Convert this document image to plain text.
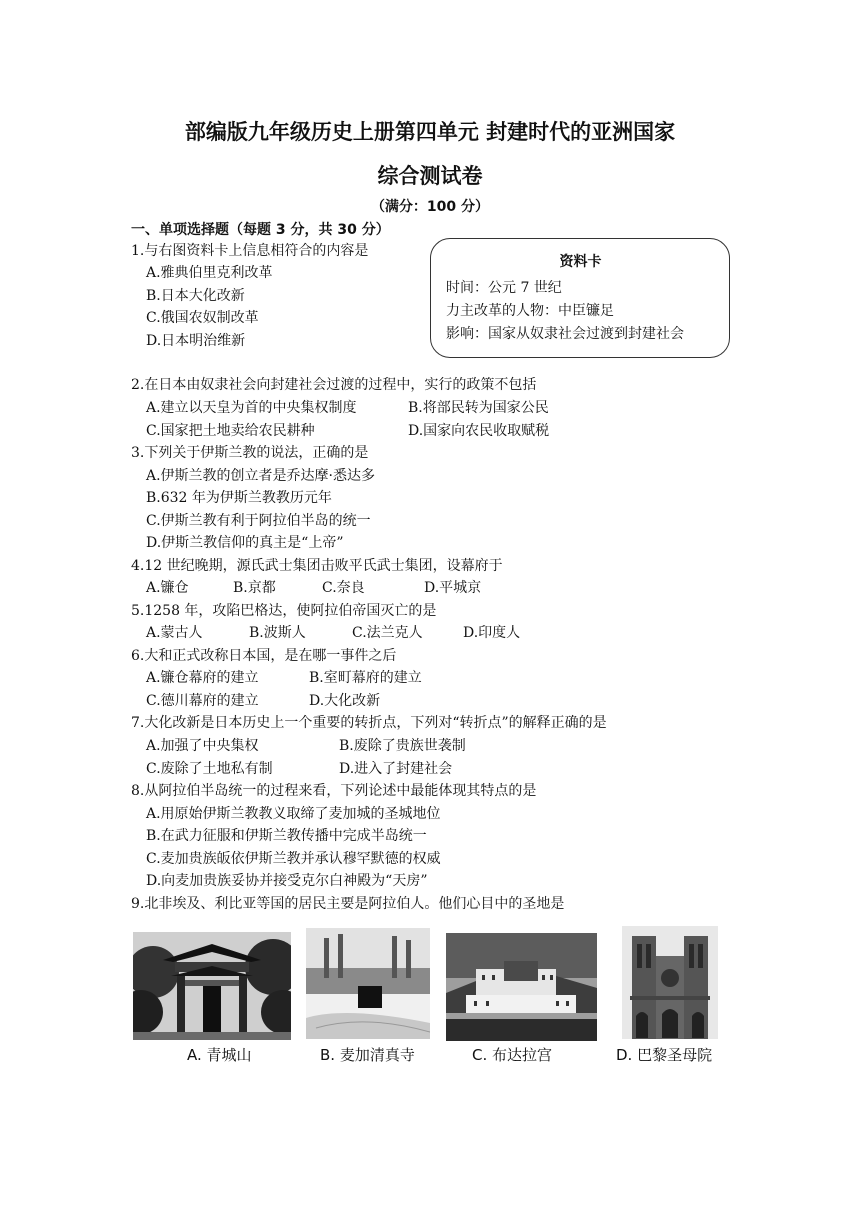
部编版九年级历史上册第四单元 封建时代的亚洲国家
综合测试卷
（满分：100 分）
一、单项选择题（每题 3 分，共 30 分）
资料卡
时间：公元 7 世纪
力主改革的人物：中臣镰足
影响：国家从奴隶社会过渡到封建社会
1.与右图资料卡上信息相符合的内容是
A.雅典伯里克利改革
B.日本大化改新
C.俄国农奴制改革
D.日本明治维新
2.在日本由奴隶社会向封建社会过渡的过程中，实行的政策不包括
A.建立以天皇为首的中央集权制度	B.将部民转为国家公民
C.国家把土地卖给农民耕种	D.国家向农民收取赋税
3.下列关于伊斯兰教的说法，正确的是
A.伊斯兰教的创立者是乔达摩·悉达多
B.632 年为伊斯兰教教历元年
C.伊斯兰教有利于阿拉伯半岛的统一
D.伊斯兰教信仰的真主是“上帝”
4.12 世纪晚期，源氏武士集团击败平氏武士集团，设幕府于
A.镰仓	B.京都	C.奈良	D.平城京
5.1258 年，攻陷巴格达，使阿拉伯帝国灭亡的是
A.蒙古人	B.波斯人	C.法兰克人	D.印度人
6.大和正式改称日本国，是在哪一事件之后
A.镰仓幕府的建立	B.室町幕府的建立
C.德川幕府的建立	D.大化改新
7.大化改新是日本历史上一个重要的转折点，下列对“转折点”的解释正确的是
A.加强了中央集权	B.废除了贵族世袭制
C.废除了土地私有制	D.进入了封建社会
8.从阿拉伯半岛统一的过程来看，下列论述中最能体现其特点的是
A.用原始伊斯兰教教义取缔了麦加城的圣城地位
B.在武力征服和伊斯兰教传播中完成半岛统一
C.麦加贵族皈依伊斯兰教并承认穆罕默德的权威
D.向麦加贵族妥协并接受克尔白神殿为“天房”
9.北非埃及、利比亚等国的居民主要是阿拉伯人。他们心目中的圣地是
A. 青城山	B. 麦加清真寺	C. 布达拉宫	D. 巴黎圣母院
